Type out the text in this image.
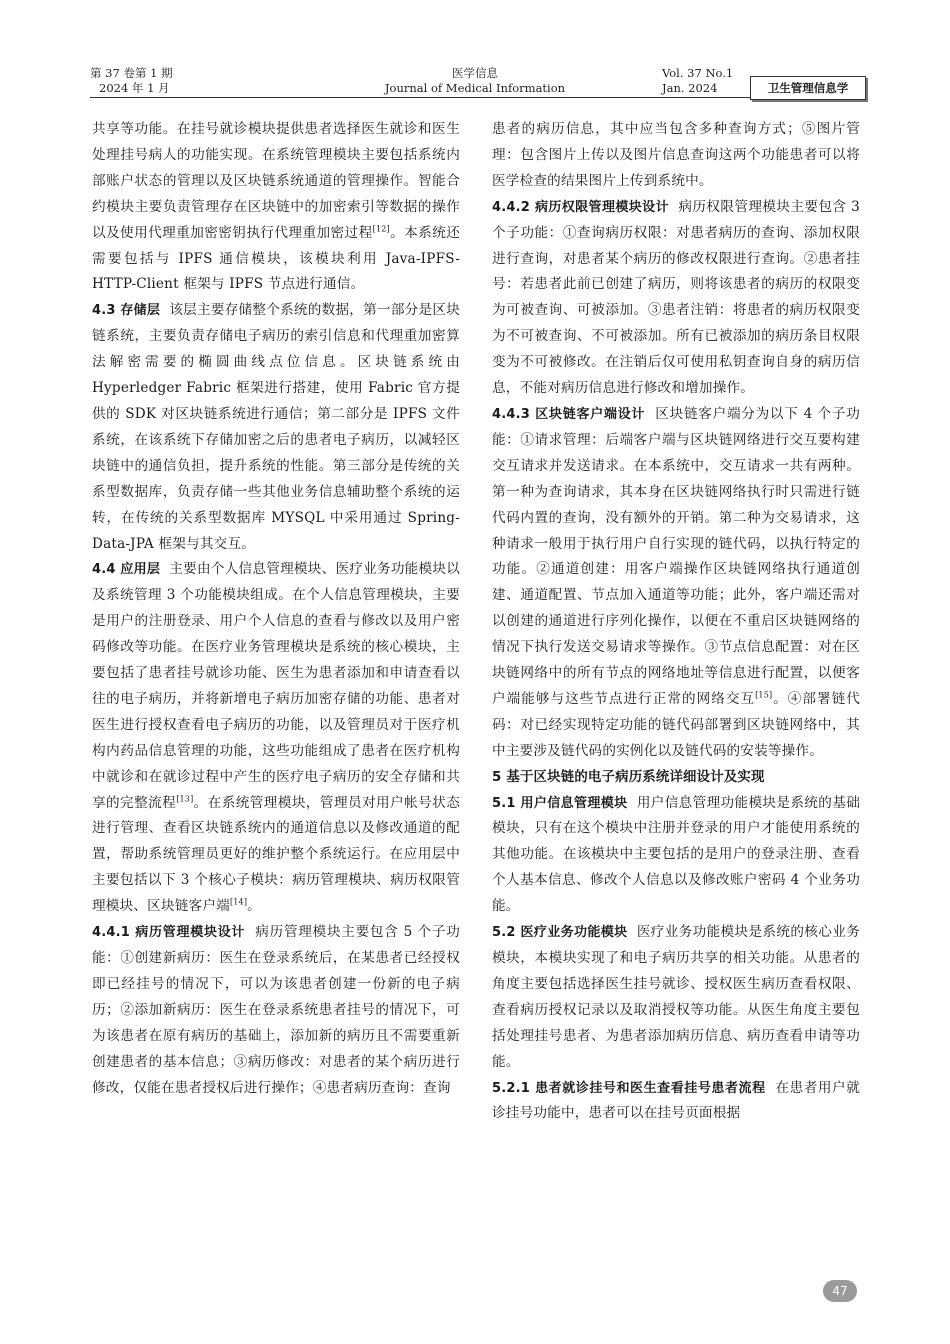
第 37 卷第 1 期
2024 年 1 月
医学信息
Journal of Medical Information
Vol. 37 No.1
Jan. 2024	卫生管理信息学

共享等功能。在挂号就诊模块提供患者选择医生就诊和医生处理挂号病人的功能实现。在系统管理模块主要包括系统内部账户状态的管理以及区块链系统通道的管理操作。智能合约模块主要负责管理存在区块链中的加密索引等数据的操作以及使用代理重加密密钥执行代理重加密过程[12]。本系统还需要包括与 IPFS 通信模块，该模块利用 Java-IPFS-HTTP-Client 框架与 IPFS 节点进行通信。

4.3 存储层 该层主要存储整个系统的数据，第一部分是区块链系统，主要负责存储电子病历的索引信息和代理重加密算法解密需要的椭圆曲线点位信息。区块链系统由 Hyperledger Fabric 框架进行搭建，使用 Fabric 官方提供的 SDK 对区块链系统进行通信；第二部分是 IPFS 文件系统，在该系统下存储加密之后的患者电子病历，以减轻区块链中的通信负担，提升系统的性能。第三部分是传统的关系型数据库，负责存储一些其他业务信息辅助整个系统的运转，在传统的关系型数据库 MYSQL 中采用通过 Spring-Data-JPA 框架与其交互。

4.4 应用层 主要由个人信息管理模块、医疗业务功能模块以及系统管理 3 个功能模块组成。在个人信息管理模块，主要是用户的注册登录、用户个人信息的查看与修改以及用户密码修改等功能。在医疗业务管理模块是系统的核心模块，主要包括了患者挂号就诊功能、医生为患者添加和申请查看以往的电子病历，并将新增电子病历加密存储的功能、患者对医生进行授权查看电子病历的功能，以及管理员对于医疗机构内药品信息管理的功能，这些功能组成了患者在医疗机构中就诊和在就诊过程中产生的医疗电子病历的安全存储和共享的完整流程[13]。在系统管理模块，管理员对用户帐号状态进行管理、查看区块链系统内的通道信息以及修改通道的配置，帮助系统管理员更好的维护整个系统运行。在应用层中主要包括以下 3 个核心子模块：病历管理模块、病历权限管理模块、区块链客户端[14]。

4.4.1 病历管理模块设计 病历管理模块主要包含 5 个子功能：①创建新病历：医生在登录系统后，在某患者已经授权即已经挂号的情况下，可以为该患者创建一份新的电子病历；②添加新病历：医生在登录系统患者挂号的情况下，可为该患者在原有病历的基础上，添加新的病历且不需要重新创建患者的基本信息；③病历修改：对患者的某个病历进行修改，仅能在患者授权后进行操作；④患者病历查询：查询

患者的病历信息，其中应当包含多种查询方式；⑤图片管理：包含图片上传以及图片信息查询这两个功能患者可以将医学检查的结果图片上传到系统中。

4.4.2 病历权限管理模块设计 病历权限管理模块主要包含 3 个子功能：①查询病历权限：对患者病历的查询、添加权限进行查询，对患者某个病历的修改权限进行查询。②患者挂号：若患者此前已创建了病历，则将该患者的病历的权限变为可被查询、可被添加。③患者注销：将患者的病历权限变为不可被查询、不可被添加。所有已被添加的病历条目权限变为不可被修改。在注销后仅可使用私钥查询自身的病历信息，不能对病历信息进行修改和增加操作。

4.4.3 区块链客户端设计 区块链客户端分为以下 4 个子功能：①请求管理：后端客户端与区块链网络进行交互要构建交互请求并发送请求。在本系统中，交互请求一共有两种。第一种为查询请求，其本身在区块链网络执行时只需进行链代码内置的查询，没有额外的开销。第二种为交易请求，这种请求一般用于执行用户自行实现的链代码，以执行特定的功能。②通道创建：用客户端操作区块链网络执行通道创建、通道配置、节点加入通道等功能；此外，客户端还需对以创建的通道进行序列化操作，以便在不重启区块链网络的情况下执行发送交易请求等操作。③节点信息配置：对在区块链网络中的所有节点的网络地址等信息进行配置，以便客户端能够与这些节点进行正常的网络交互[15]。④部署链代码：对已经实现特定功能的链代码部署到区块链网络中，其中主要涉及链代码的实例化以及链代码的安装等操作。

5 基于区块链的电子病历系统详细设计及实现

5.1 用户信息管理模块 用户信息管理功能模块是系统的基础模块，只有在这个模块中注册并登录的用户才能使用系统的其他功能。在该模块中主要包括的是用户的登录注册、查看个人基本信息、修改个人信息以及修改账户密码 4 个业务功能。

5.2 医疗业务功能模块 医疗业务功能模块是系统的核心业务模块，本模块实现了和电子病历共享的相关功能。从患者的角度主要包括选择医生挂号就诊、授权医生病历查看权限、查看病历授权记录以及取消授权等功能。从医生角度主要包括处理挂号患者、为患者添加病历信息、病历查看申请等功能。

5.2.1 患者就诊挂号和医生查看挂号患者流程 在患者用户就诊挂号功能中，患者可以在挂号页面根据

47
